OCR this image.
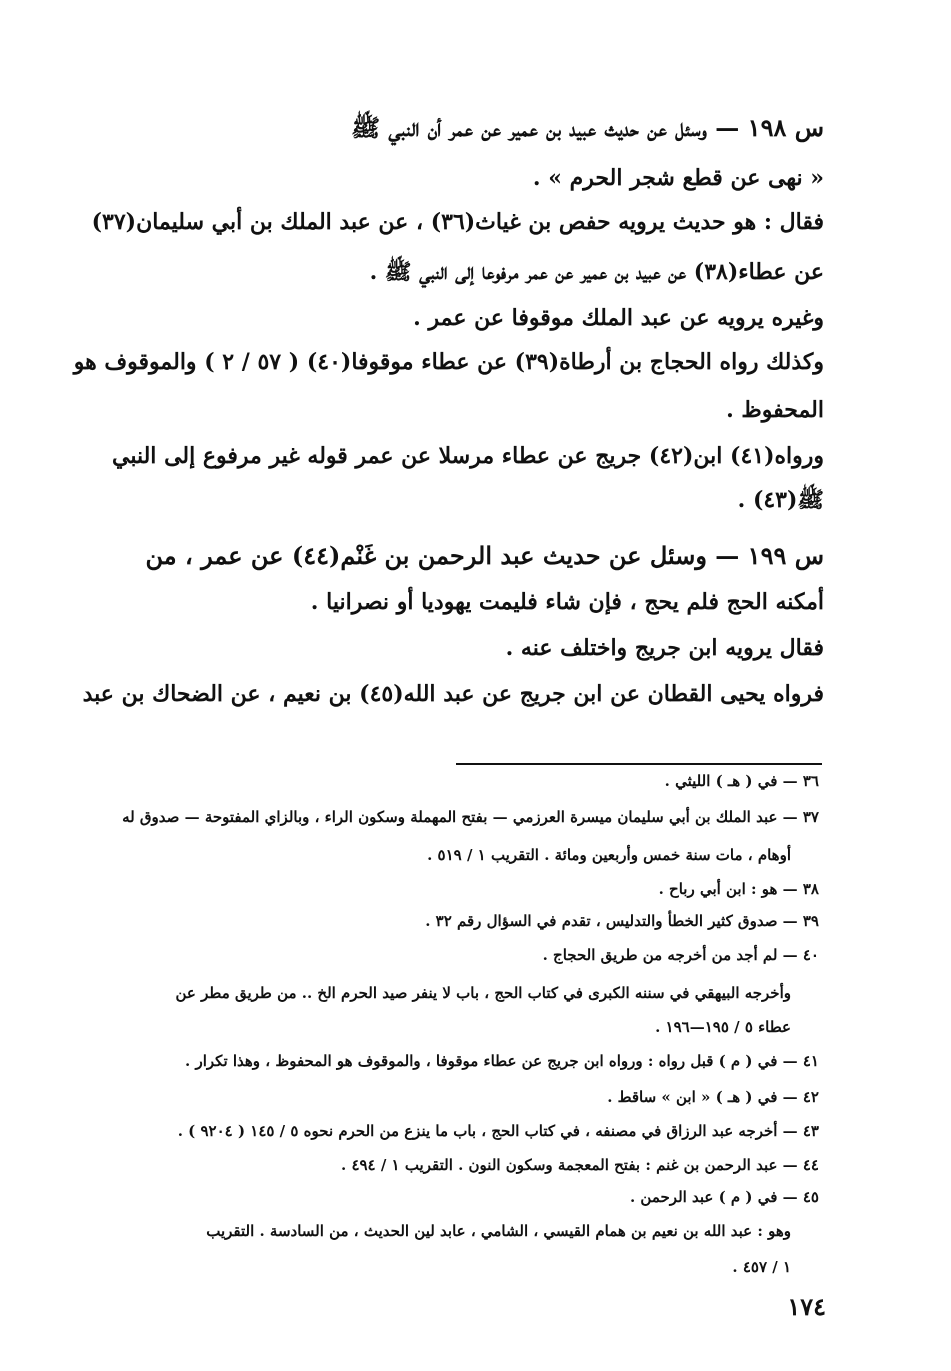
س ١٩٨ — وسئل عن حديث عبيد بن عمير عن عمر أن النبي ﷺ
« نهى عن قطع شجر الحرم » .
فقال : هو حديث يرويه حفص بن غياث(٣٦) ، عن عبد الملك بن أبي سليمان(٣٧)
عن عطاء(٣٨) عن عبيد بن عمير عن عمر مرفوعا إلى النبي ﷺ .
وغيره يرويه عن عبد الملك موقوفا عن عمر .
وكذلك رواه الحجاج بن أرطاة(٣٩) عن عطاء موقوفا(٤٠) ( ٥٧ / ٢ ) والموقوف هو
المحفوظ .
ورواه(٤١) ابن(٤٢) جريج عن عطاء مرسلا عن عمر قوله غير مرفوع إلى النبي
ﷺ(٤٣) .
س ١٩٩ — وسئل عن حديث عبد الرحمن بن غَنْم(٤٤) عن عمر ، من
أمكنه الحج فلم يحج ، فإن شاء فليمت يهوديا أو نصرانيا .
فقال يرويه ابن جريج واختلف عنه .
فرواه يحيى القطان عن ابن جريج عن عبد الله(٤٥) بن نعيم ، عن الضحاك بن عبد
٣٦ — في ( هـ ) الليثي .
٣٧ — عبد الملك بن أبي سليمان ميسرة العرزمي — بفتح المهملة وسكون الراء ، وبالزاي المفتوحة — صدوق له
أوهام ، مات سنة خمس وأربعين ومائة . التقريب ١ / ٥١٩ .
٣٨ — هو : ابن أبي رباح .
٣٩ — صدوق كثير الخطأ والتدليس ، تقدم في السؤال رقم ٣٢ .
٤٠ — لم أجد من أخرجه من طريق الحجاج .
وأخرجه البيهقي في سننه الكبرى في كتاب الحج ، باب لا ينفر صيد الحرم الخ .. من طريق مطر عن
عطاء ٥ / ١٩٥—١٩٦ .
٤١ — في ( م ) قبل رواه : ورواه ابن جريج عن عطاء موقوفا ، والموقوف هو المحفوظ ، وهذا تكرار .
٤٢ — في ( هـ ) « ابن » ساقط .
٤٣ — أخرجه عبد الرزاق في مصنفه ، في كتاب الحج ، باب ما ينزع من الحرم نحوه ٥ / ١٤٥ ( ٩٢٠٤ ) .
٤٤ — عبد الرحمن بن غنم : بفتح المعجمة وسكون النون . التقريب ١ / ٤٩٤ .
٤٥ — في ( م ) عبد الرحمن .
وهو : عبد الله بن نعيم بن همام القيسي ، الشامي ، عابد لين الحديث ، من السادسة . التقريب
١ / ٤٥٧ .
١٧٤
